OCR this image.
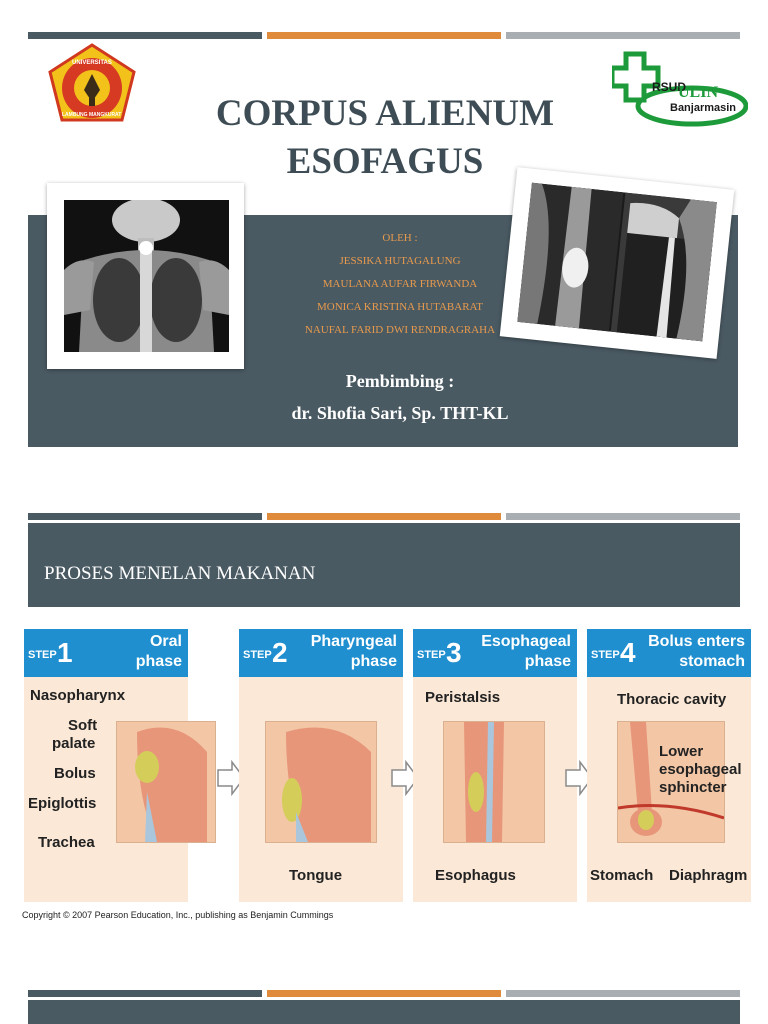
UNIVERSITAS
LAMBUNG MANGKURAT
RSUD
ULIN
Banjarmasin
CORPUS ALIENUM
ESOFAGUS
OLEH :
JESSIKA HUTAGALUNG
MAULANA AUFAR FIRWANDA
MONICA KRISTINA HUTABARAT
NAUFAL FARID DWI RENDRAGRAHA
Pembimbing :
dr. Shofia Sari, Sp. THT-KL
PROSES MENELAN MAKANAN
STEP 1	Oral
phase
Nasopharynx
Soft
palate
Bolus
Epiglottis
Trachea
STEP 2	Pharyngeal
phase
Tongue
STEP 3	Esophageal
phase
Peristalsis
Esophagus
STEP 4 Bolus enters
stomach
Thoracic cavity
Lower
esophageal
sphincter
Stomach Diaphragm
Copyright © 2007 Pearson Education, Inc., publishing as Benjamin Cummings
